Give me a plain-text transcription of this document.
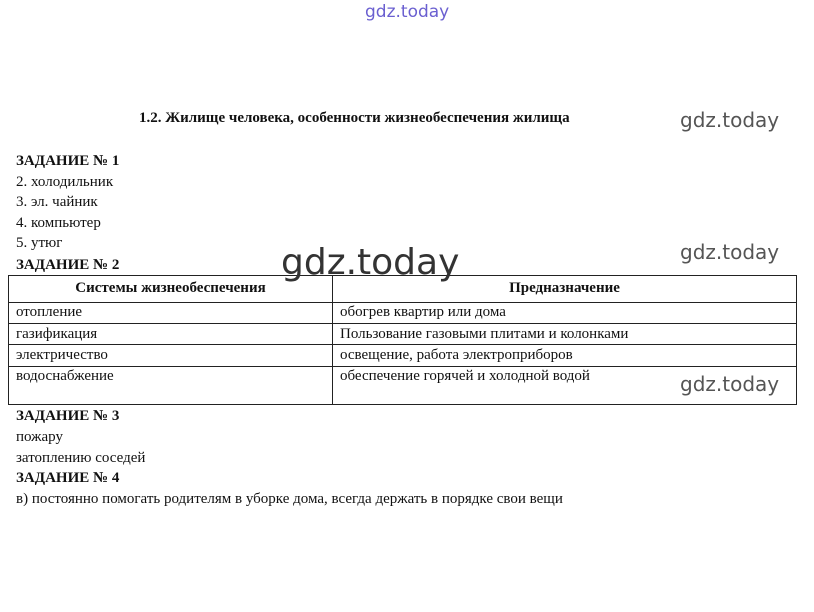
gdz.today
gdz.today
1.2. Жилище человека, особенности жизнеобеспечения жилища
ЗАДАНИЕ № 1
2. холодильник
3. эл. чайник
4. компьютер
5. утюг
ЗАДАНИЕ № 2
Системы жизнеобеспечения	Предназначение
отопление	обогрев квартир или дома
газификация	Пользование газовыми плитами и колонками
электричество	освещение, работа электроприборов
водоснабжение	обеспечение горячей и холодной водой
ЗАДАНИЕ № 3
пожару
затоплению соседей
ЗАДАНИЕ № 4
в) постоянно помогать родителям в уборке дома, всегда держать в порядке свои вещи
gdz.today	gdz.today
gdz.today
